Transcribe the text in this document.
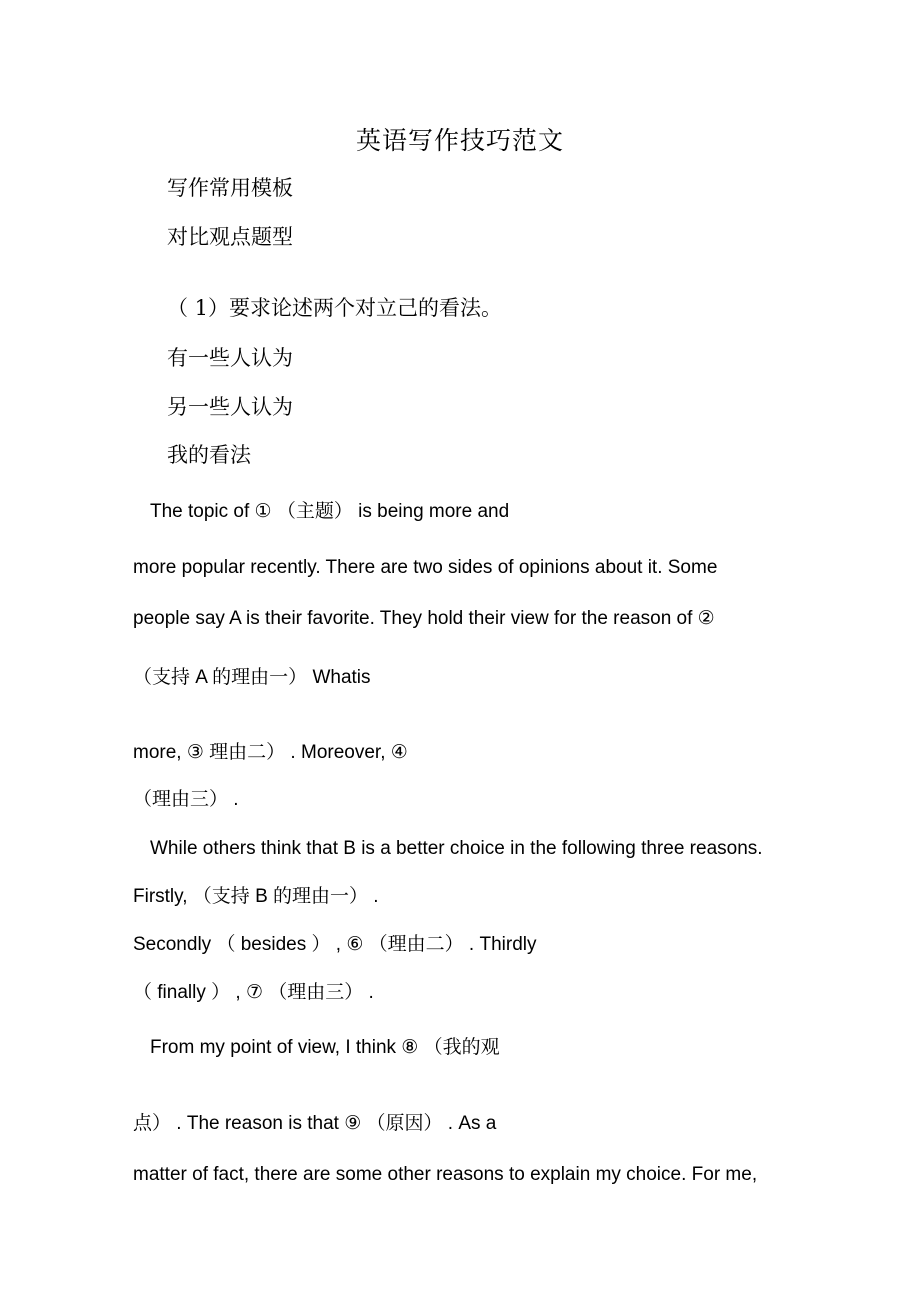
英语写作技巧范文
写作常用模板
对比观点题型
（ 1）要求论述两个对立己的看法。
有一些人认为
另一些人认为
我的看法
The topic of ① （主题） is being more and
more popular recently. There are two sides of opinions about it. Some
people say A is their favorite. They hold their view for the reason of ②
（支持 A 的理由一） Whatis
more, ③ 理由二） . Moreover, ④
（理由三） .
While others think that B is a better choice in the following three reasons.
Firstly, （支持 B 的理由一） .
Secondly （ besides ） , ⑥ （理由二） . Thirdly
（ finally ） , ⑦ （理由三） .
From my point of view, I think ⑧ （我的观
点） . The reason is that ⑨ （原因） . As a
matter of fact, there are some other reasons to explain my choice. For me,
